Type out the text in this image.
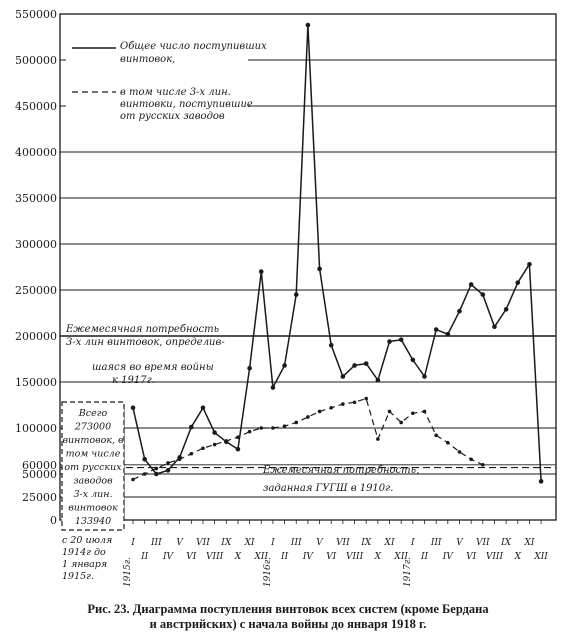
550000
500000
450000
400000
350000
300000
250000
200000
150000
100000
60000
50000
25000
0
I
II
III
IV
V
VI
VII
VIII
IX
X
XI
XII
I
II
III
IV
V
VI
VII
VIII
IX
X
XI
XII
I
II
III
IV
V
VI
VII
VIII
IX
X
XI
XII
1915г.	1916г.	1917г.
с 20 июля
1914г до
1 января
1915г.
Ежемесячная потребность
3-х лин винтовок, определив-
шаяся во время войны
к 1917г.
Ежемесячная потребность,
заданная ГУГШ в 1910г.
Общее число поступивших
винтовок,
в том числе 3-х лин.
винтовки, поступившие
от русских заводов
Всего
273000
винтовок, в
том числе
от русских
заводов
3-х лин.
винтовок
133940
Рис. 23. Диаграмма поступления винтовок всех систем (кроме Бердана
и австрийских) с начала войны до января 1918 г.
